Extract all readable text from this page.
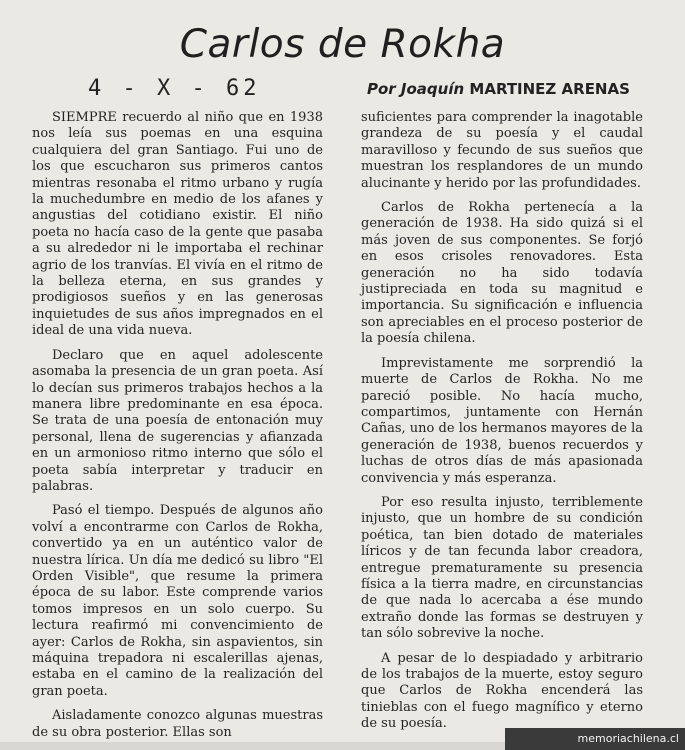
Carlos de Rokha
4 - X - 62	Por Joaquín MARTINEZ ARENAS

SIEMPRE recuerdo al niño que en 1938 nos leía sus poemas en una esquina cualquiera del gran Santiago. Fui uno de los que escucharon sus primeros cantos mientras resonaba el ritmo urbano y rugía la muchedumbre en medio de los afanes y angustias del cotidiano existir. El niño poeta no hacía caso de la gente que pasaba a su alrededor ni le importaba el rechinar agrio de los tranvías. El vivía en el ritmo de la belleza eterna, en sus grandes y prodigiosos sueños y en las generosas inquietudes de sus años impregnados en el ideal de una vida nueva.

Declaro que en aquel adolescente asomaba la presencia de un gran poeta. Así lo decían sus primeros trabajos hechos a la manera libre predominante en esa época. Se trata de una poesía de entonación muy personal, llena de sugerencias y afianzada en un armonioso ritmo interno que sólo el poeta sabía interpretar y traducir en palabras.

Pasó el tiempo. Después de algunos año volví a encontrarme con Carlos de Rokha, convertido ya en un auténtico valor de nuestra lírica. Un día me dedicó su libro "El Orden Visible", que resume la primera época de su labor. Este comprende varios tomos impresos en un solo cuerpo. Su lectura reafirmó mi convencimiento de ayer: Carlos de Rokha, sin aspavientos, sin máquina trepadora ni escalerillas ajenas, estaba en el camino de la realización del gran poeta.

Aisladamente conozco algunas muestras de su obra posterior. Ellas son

suficientes para comprender la inagotable grandeza de su poesía y el caudal maravilloso y fecundo de sus sueños que muestran los resplandores de un mundo alucinante y herido por las profundidades.

Carlos de Rokha pertenecía a la generación de 1938. Ha sido quizá si el más joven de sus componentes. Se forjó en esos crisoles renovadores. Esta generación no ha sido todavía justipreciada en toda su magnitud e importancia. Su significación e influencia son apreciables en el proceso posterior de la poesía chilena.

Imprevistamente me sorprendió la muerte de Carlos de Rokha. No me pareció posible. No hacía mucho, compartimos, juntamente con Hernán Cañas, uno de los hermanos mayores de la generación de 1938, buenos recuerdos y luchas de otros días de más apasionada convivencia y más esperanza.

Por eso resulta injusto, terriblemente injusto, que un hombre de su condición poética, tan bien dotado de materiales líricos y de tan fecunda labor creadora, entregue prematuramente su presencia física a la tierra madre, en circunstancias de que nada lo acercaba a ése mundo extraño donde las formas se destruyen y tan sólo sobrevive la noche.

A pesar de lo despiadado y arbitrario de los trabajos de la muerte, estoy seguro que Carlos de Rokha encenderá las tinieblas con el fuego magnífico y eterno de su poesía.

memoriachilena.cl
